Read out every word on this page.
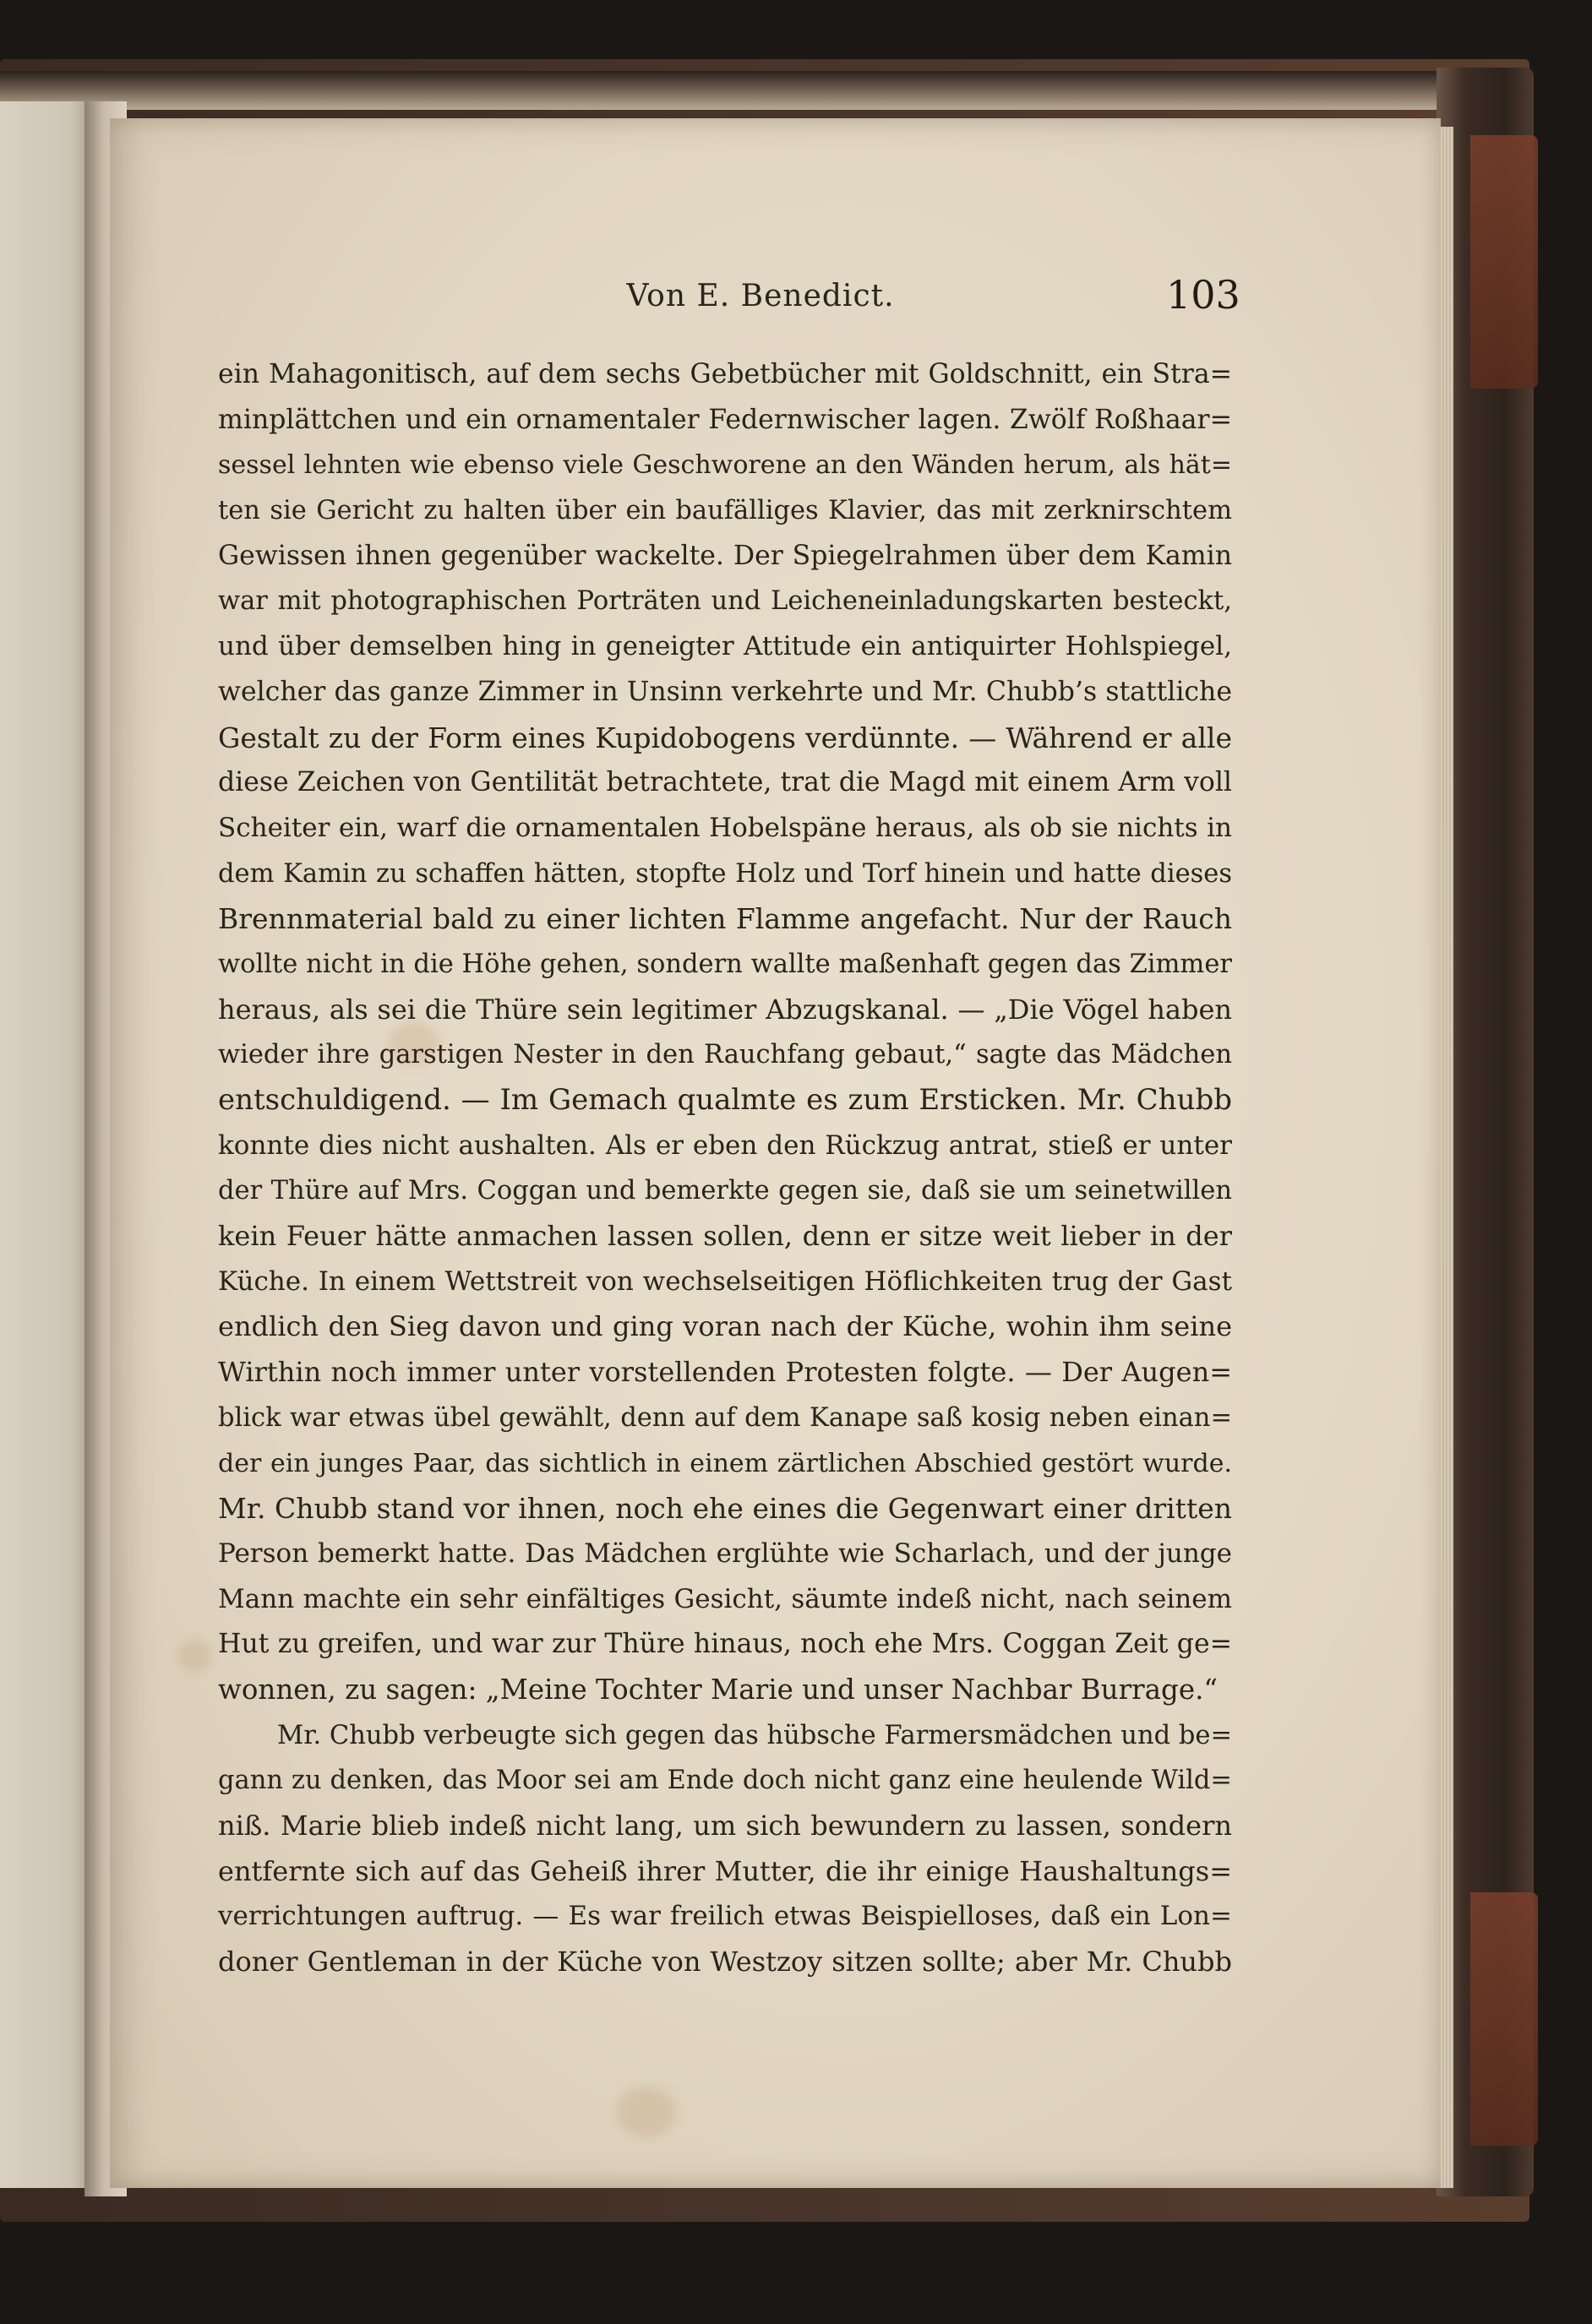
Von E. Benedict.	103
ein Mahagonitisch, auf dem sechs Gebetbücher mit Goldschnitt, ein Stra=
minplättchen und ein ornamentaler Federnwischer lagen. Zwölf Roßhaar=
sessel lehnten wie ebenso viele Geschworene an den Wänden herum, als hät=
ten sie Gericht zu halten über ein baufälliges Klavier, das mit zerknirschtem
Gewissen ihnen gegenüber wackelte. Der Spiegelrahmen über dem Kamin
war mit photographischen Porträten und Leicheneinladungskarten besteckt,
und über demselben hing in geneigter Attitude ein antiquirter Hohlspiegel,
welcher das ganze Zimmer in Unsinn verkehrte und Mr. Chubb’s stattliche
Gestalt zu der Form eines Kupidobogens verdünnte. — Während er alle
diese Zeichen von Gentilität betrachtete, trat die Magd mit einem Arm voll
Scheiter ein, warf die ornamentalen Hobelspäne heraus, als ob sie nichts in
dem Kamin zu schaffen hätten, stopfte Holz und Torf hinein und hatte dieses
Brennmaterial bald zu einer lichten Flamme angefacht. Nur der Rauch
wollte nicht in die Höhe gehen, sondern wallte maßenhaft gegen das Zimmer
heraus, als sei die Thüre sein legitimer Abzugskanal. — „Die Vögel haben
wieder ihre garstigen Nester in den Rauchfang gebaut,“ sagte das Mädchen
entschuldigend. — Im Gemach qualmte es zum Ersticken. Mr. Chubb
konnte dies nicht aushalten. Als er eben den Rückzug antrat, stieß er unter
der Thüre auf Mrs. Coggan und bemerkte gegen sie, daß sie um seinetwillen
kein Feuer hätte anmachen lassen sollen, denn er sitze weit lieber in der
Küche. In einem Wettstreit von wechselseitigen Höflichkeiten trug der Gast
endlich den Sieg davon und ging voran nach der Küche, wohin ihm seine
Wirthin noch immer unter vorstellenden Protesten folgte. — Der Augen=
blick war etwas übel gewählt, denn auf dem Kanape saß kosig neben einan=
der ein junges Paar, das sichtlich in einem zärtlichen Abschied gestört wurde.
Mr. Chubb stand vor ihnen, noch ehe eines die Gegenwart einer dritten
Person bemerkt hatte. Das Mädchen erglühte wie Scharlach, und der junge
Mann machte ein sehr einfältiges Gesicht, säumte indeß nicht, nach seinem
Hut zu greifen, und war zur Thüre hinaus, noch ehe Mrs. Coggan Zeit ge=
wonnen, zu sagen: „Meine Tochter Marie und unser Nachbar Burrage.“
Mr. Chubb verbeugte sich gegen das hübsche Farmersmädchen und be=
gann zu denken, das Moor sei am Ende doch nicht ganz eine heulende Wild=
niß. Marie blieb indeß nicht lang, um sich bewundern zu lassen, sondern
entfernte sich auf das Geheiß ihrer Mutter, die ihr einige Haushaltungs=
verrichtungen auftrug. — Es war freilich etwas Beispielloses, daß ein Lon=
doner Gentleman in der Küche von Westzoy sitzen sollte; aber Mr. Chubb
